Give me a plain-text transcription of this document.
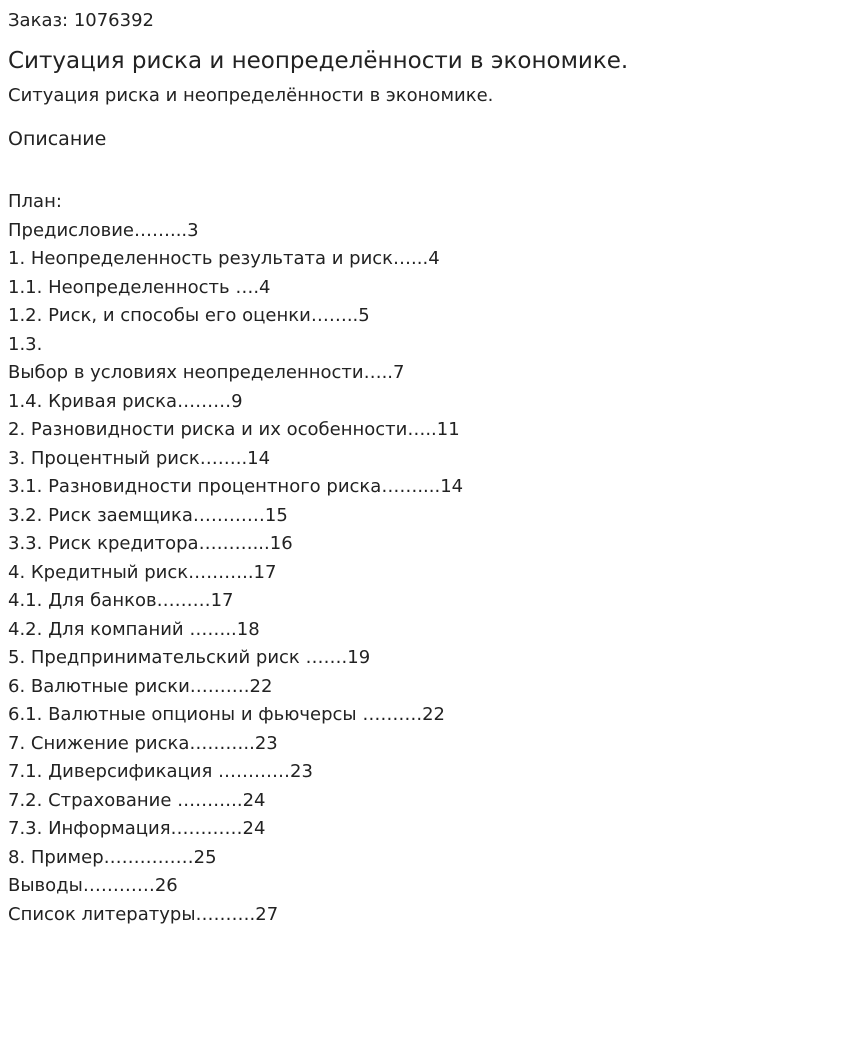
Заказ: 1076392

Ситуация риска и неопределённости в экономике.

Ситуация риска и неопределённости в экономике.

Описание

План:

Предисловие……...3
1. Неопределенность результата и риск…...4
1.1. Неопределенность ….4
1.2. Риск, и способы его оценки……..5
1.3.
Выбор в условиях неопределенности…..7
1.4. Кривая риска………9
2. Разновидности риска и их особенности…..11
3. Процентный риск……..14
3.1. Разновидности процентного риска……....14
3.2. Риск заемщика…………15
3.3. Риск кредитора………...16
4. Кредитный риск………..17
4.1. Для банков………17
4.2. Для компаний ……..18
5. Предпринимательский риск …….19
6. Валютные риски……….22
6.1. Валютные опционы и фьючерсы ……….22
7. Снижение риска………..23
7.1. Диверсификация …………23
7.2. Страхование ………..24
7.3. Информация…………24
8. Пример……………25
Выводы…………26
Список литературы……….27
